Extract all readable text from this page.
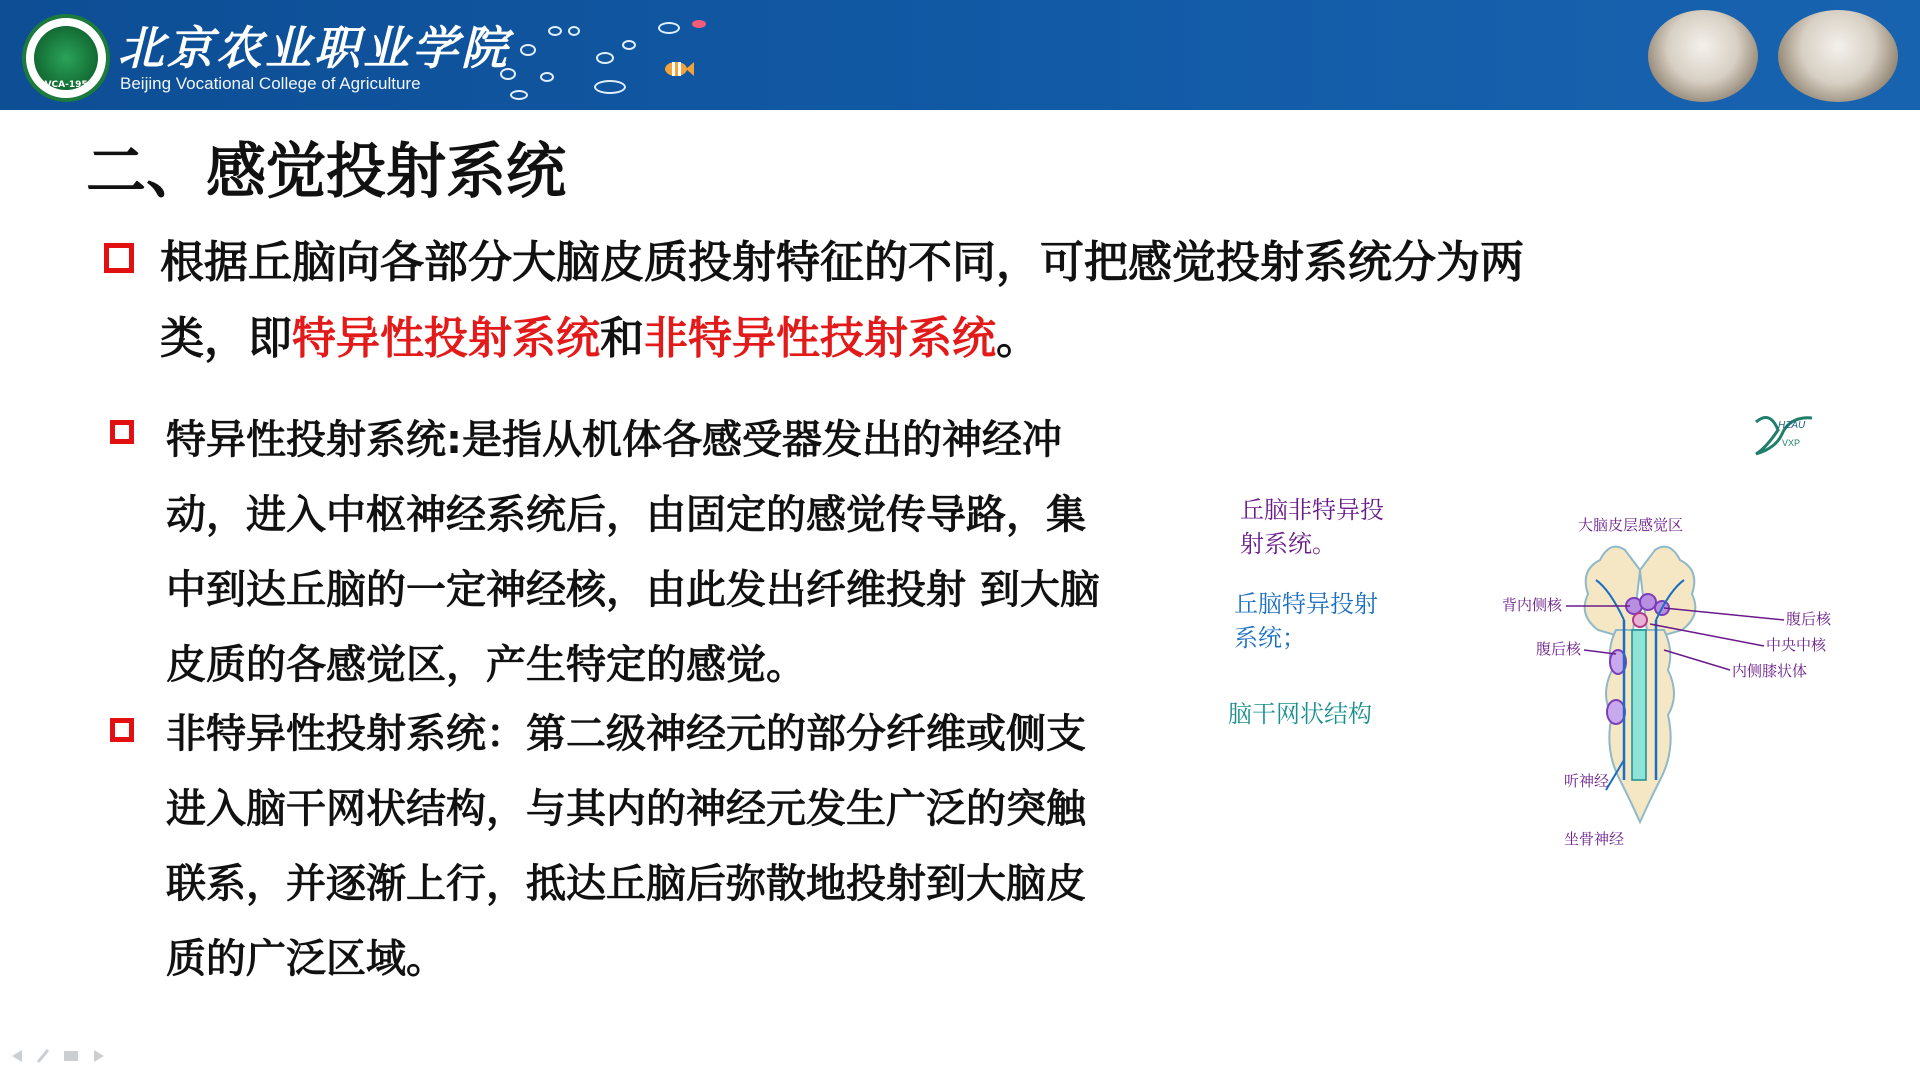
BVCA-1958
北京农业职业学院
Beijing Vocational College of Agriculture
二、感觉投射系统
根据丘脑向各部分大脑皮质投射特征的不同，可把感觉投射系统分为两类，即特异性投射系统和非特异性技射系统。
特异性投射系统:是指从机体各感受器发出的神经冲动，进入中枢神经系统后，由固定的感觉传导路，集中到达丘脑的一定神经核，由此发出纤维投射 到大脑皮质的各感觉区，产生特定的感觉。
非特异性投射系统：第二级神经元的部分纤维或侧支进入脑干网状结构，与其内的神经元发生广泛的突触联系，并逐渐上行，抵达丘脑后弥散地投射到大脑皮质的广泛区域。
HZAU
VXP
丘脑非特异投
射系统。
丘脑特异投射
系统；
脑干网状结构
大脑皮层感觉区
背内侧核
腹后核
腹后核
中央中核
内侧膝状体
听神经
坐骨神经
